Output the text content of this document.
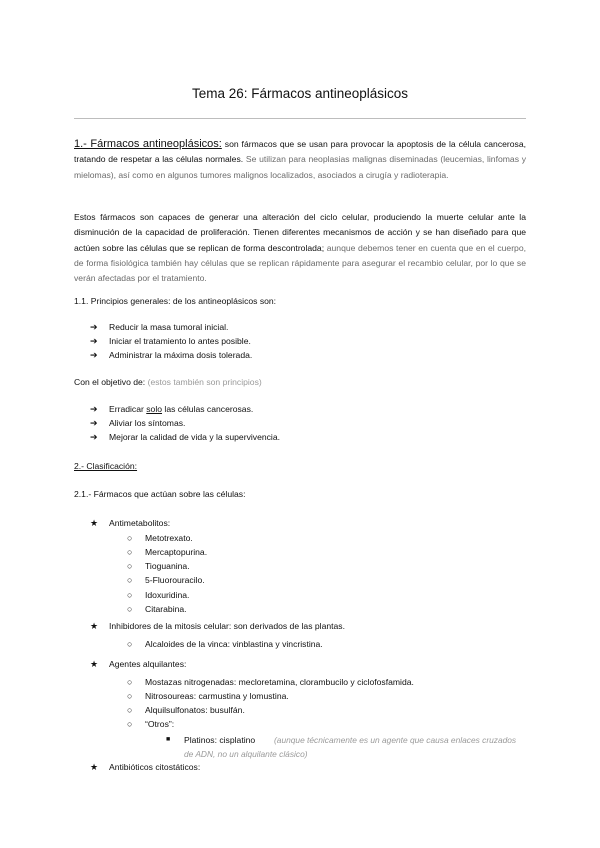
Tema 26: Fármacos antineoplásicos
1.- Fármacos antineoplásicos: son fármacos que se usan para provocar la apoptosis de la célula cancerosa, tratando de respetar a las células normales. Se utilizan para neoplasias malignas diseminadas (leucemias, linfomas y mielomas), así como en algunos tumores malignos localizados, asociados a cirugía y radioterapia.
Estos fármacos son capaces de generar una alteración del ciclo celular, produciendo la muerte celular ante la disminución de la capacidad de proliferación. Tienen diferentes mecanismos de acción y se han diseñado para que actúen sobre las células que se replican de forma descontrolada; aunque debemos tener en cuenta que en el cuerpo, de forma fisiológica también hay células que se replican rápidamente para asegurar el recambio celular, por lo que se verán afectadas por el tratamiento.
1.1. Principios generales: de los antineoplásicos son:
➔ Reducir la masa tumoral inicial.
➔ Iniciar el tratamiento lo antes posible.
➔ Administrar la máxima dosis tolerada.
Con el objetivo de: (estos también son principios)
➔ Erradicar solo las células cancerosas.
➔ Aliviar los síntomas.
➔ Mejorar la calidad de vida y la supervivencia.
2.- Clasificación:
2.1.- Fármacos que actúan sobre las células:
★ Antimetabolitos:
○ Metotrexato.
○ Mercaptopurina.
○ Tioguanina.
○ 5-Fluorouracilo.
○ Idoxuridina.
○ Citarabina.
★ Inhibidores de la mitosis celular: son derivados de las plantas.
○ Alcaloides de la vinca: vinblastina y vincristina.
★ Agentes alquilantes:
○ Mostazas nitrogenadas: mecloretamina, clorambucilo y ciclofosfamida.
○ Nitrosoureas: carmustina y lomustina.
○ Alquilsulfonatos: busulfán.
○ “Otros”:
■ Platinos: cisplatino	(aunque técnicamente es un agente que causa enlaces cruzados de ADN, no un alquilante clásico)
★ Antibióticos citostáticos:
